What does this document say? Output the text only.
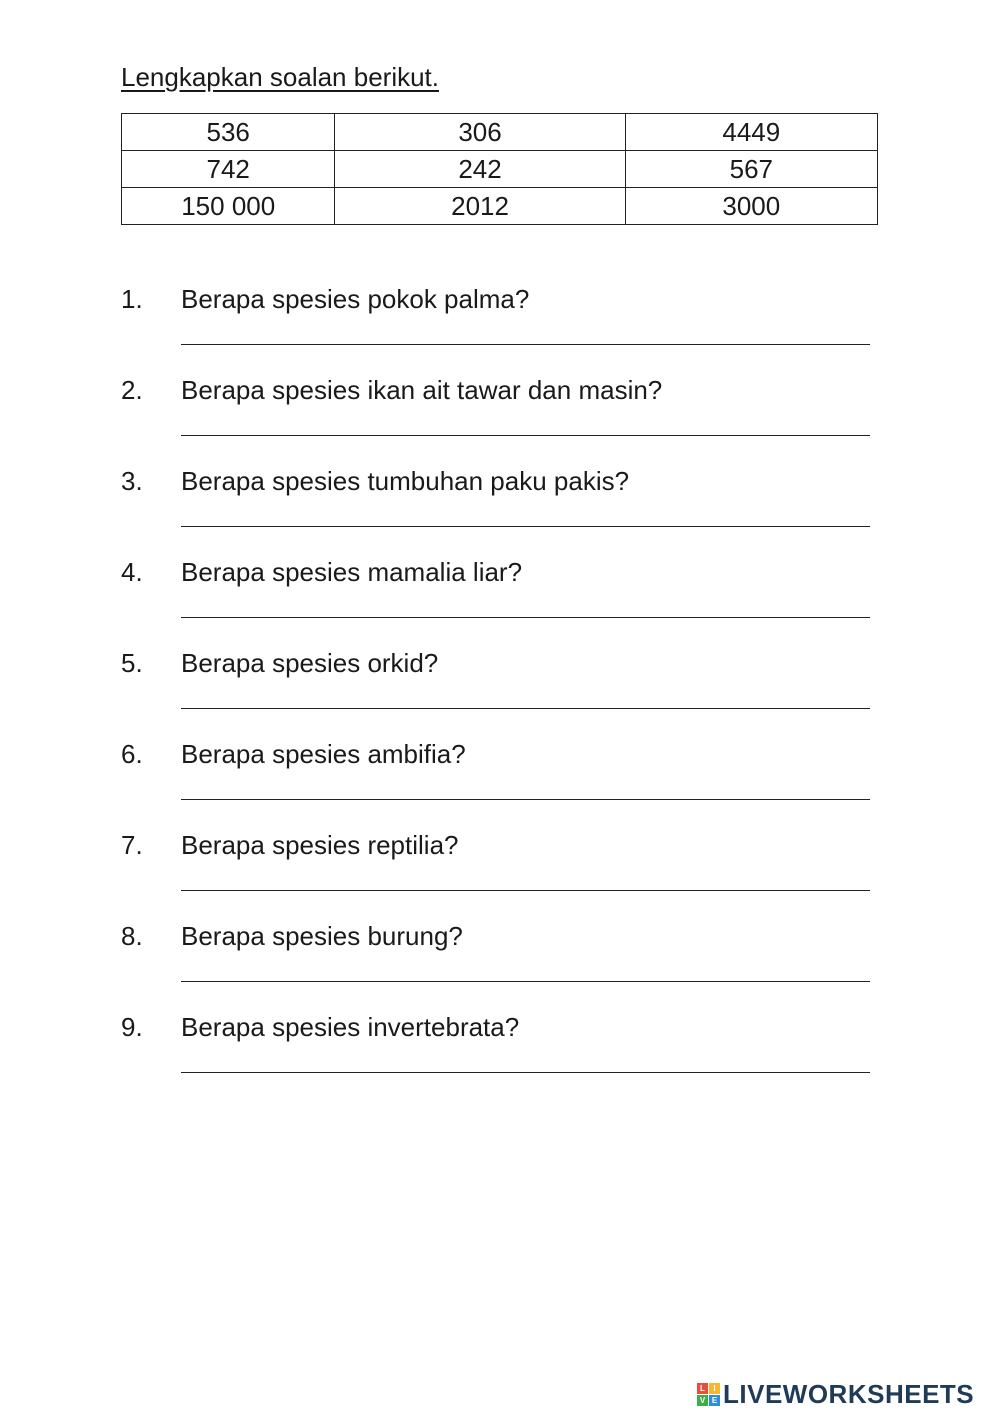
Lengkapkan soalan berikut.
536	306	4449
742	242	567
150 000	2012	3000
1. Berapa spesies pokok palma?
2. Berapa spesies ikan ait tawar dan masin?
3. Berapa spesies tumbuhan paku pakis?
4. Berapa spesies mamalia liar?
5. Berapa spesies orkid?
6. Berapa spesies ambifia?
7. Berapa spesies reptilia?
8. Berapa spesies burung?
9. Berapa spesies invertebrata?
L	I
V E LIVEWORKSHEETS
